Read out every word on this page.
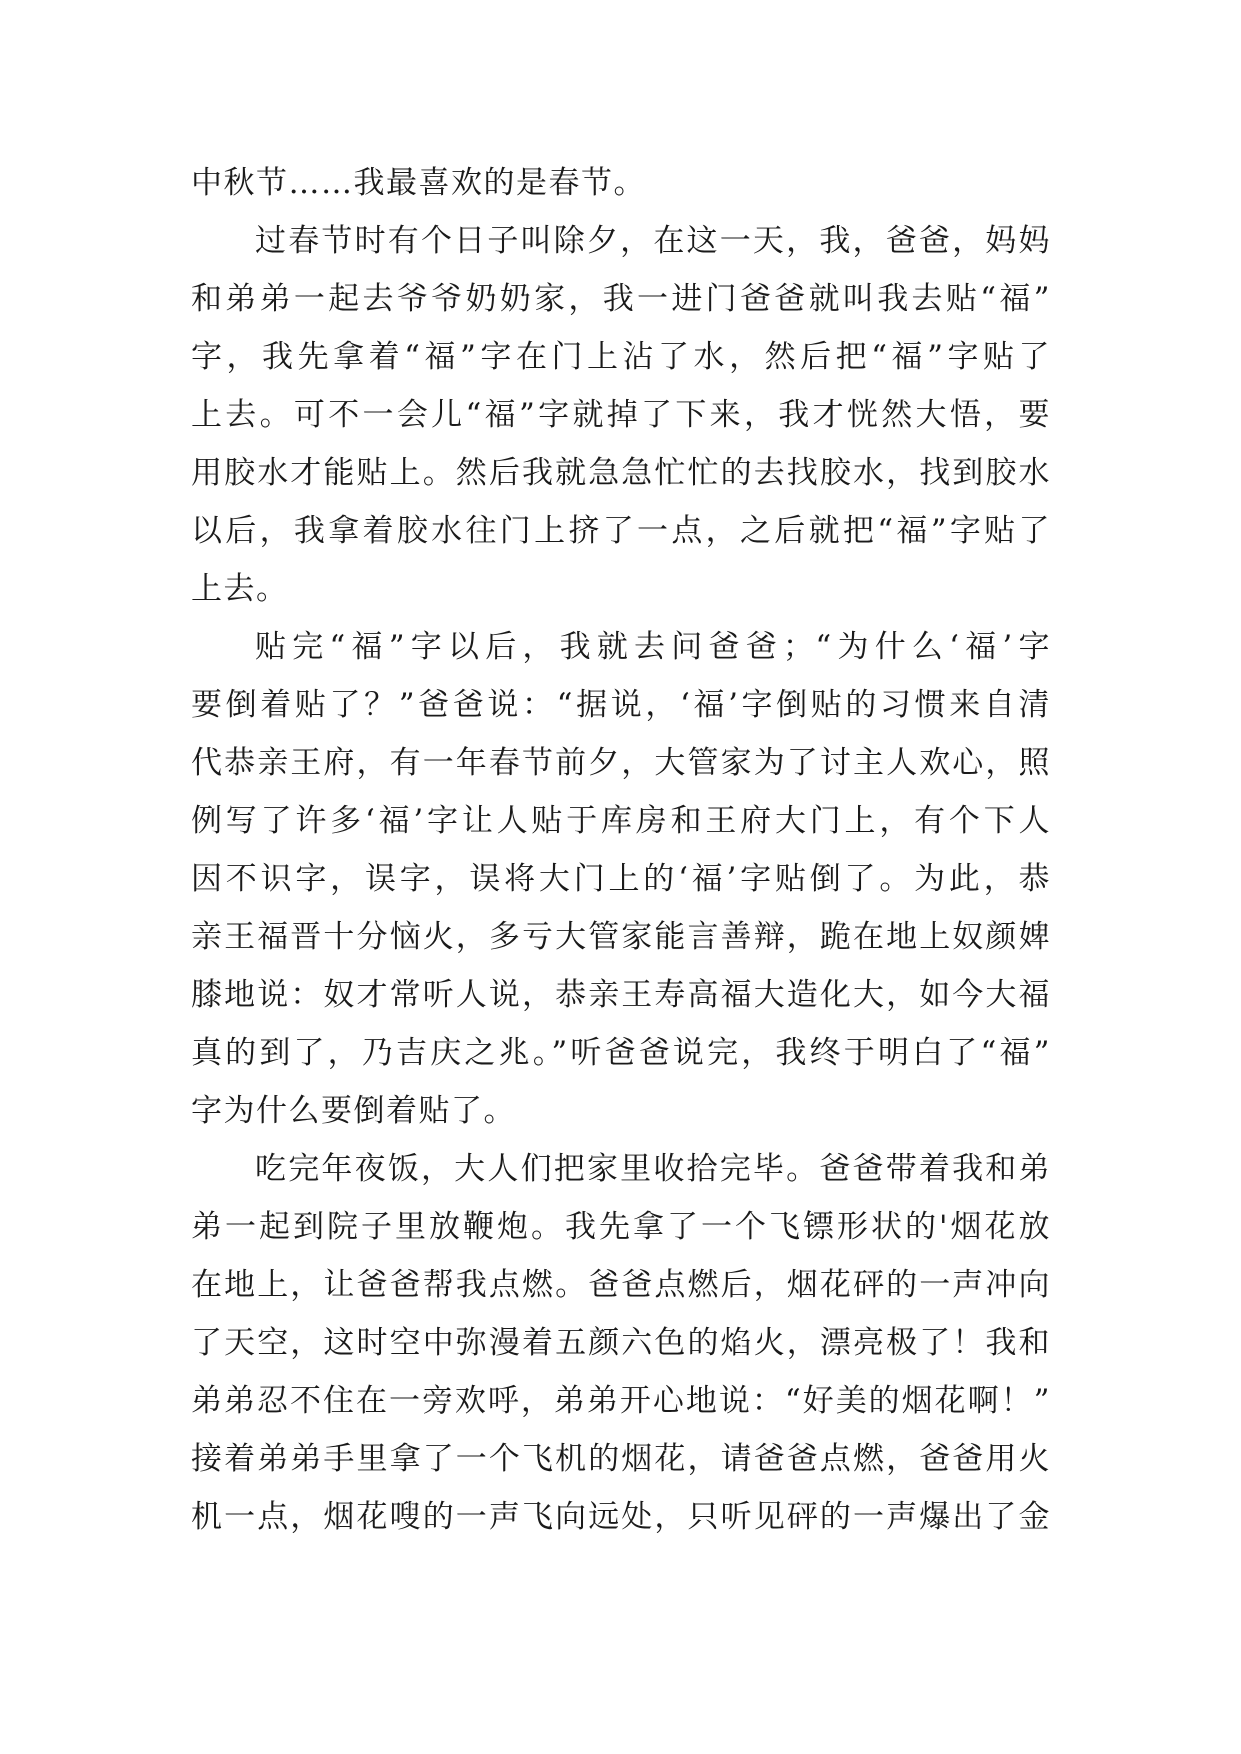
中秋节……我最喜欢的是春节。
过春节时有个日子叫除夕，在这一天，我，爸爸，妈妈
和弟弟一起去爷爷奶奶家，我一进门爸爸就叫我去贴“福”
字，我先拿着“福”字在门上沾了水，然后把“福”字贴了
上去。可不一会儿“福”字就掉了下来，我才恍然大悟，要
用胶水才能贴上。然后我就急急忙忙的去找胶水，找到胶水
以后，我拿着胶水往门上挤了一点，之后就把“福”字贴了
上去。
贴完“福”字以后，我就去问爸爸；“为什么‘福’字
要倒着贴了？”爸爸说：“据说，‘福’字倒贴的习惯来自清
代恭亲王府，有一年春节前夕，大管家为了讨主人欢心，照
例写了许多‘福’字让人贴于库房和王府大门上，有个下人
因不识字，误字，误将大门上的‘福’字贴倒了。为此，恭
亲王福晋十分恼火，多亏大管家能言善辩，跪在地上奴颜婢
膝地说：奴才常听人说，恭亲王寿高福大造化大，如今大福
真的到了，乃吉庆之兆。”听爸爸说完，我终于明白了“福”
字为什么要倒着贴了。
吃完年夜饭，大人们把家里收拾完毕。爸爸带着我和弟
弟一起到院子里放鞭炮。我先拿了一个飞镖形状的'烟花放
在地上，让爸爸帮我点燃。爸爸点燃后，烟花砰的一声冲向
了天空，这时空中弥漫着五颜六色的焰火，漂亮极了！我和
弟弟忍不住在一旁欢呼，弟弟开心地说：“好美的烟花啊！”
接着弟弟手里拿了一个飞机的烟花，请爸爸点燃，爸爸用火
机一点，烟花嗖的一声飞向远处，只听见砰的一声爆出了金
